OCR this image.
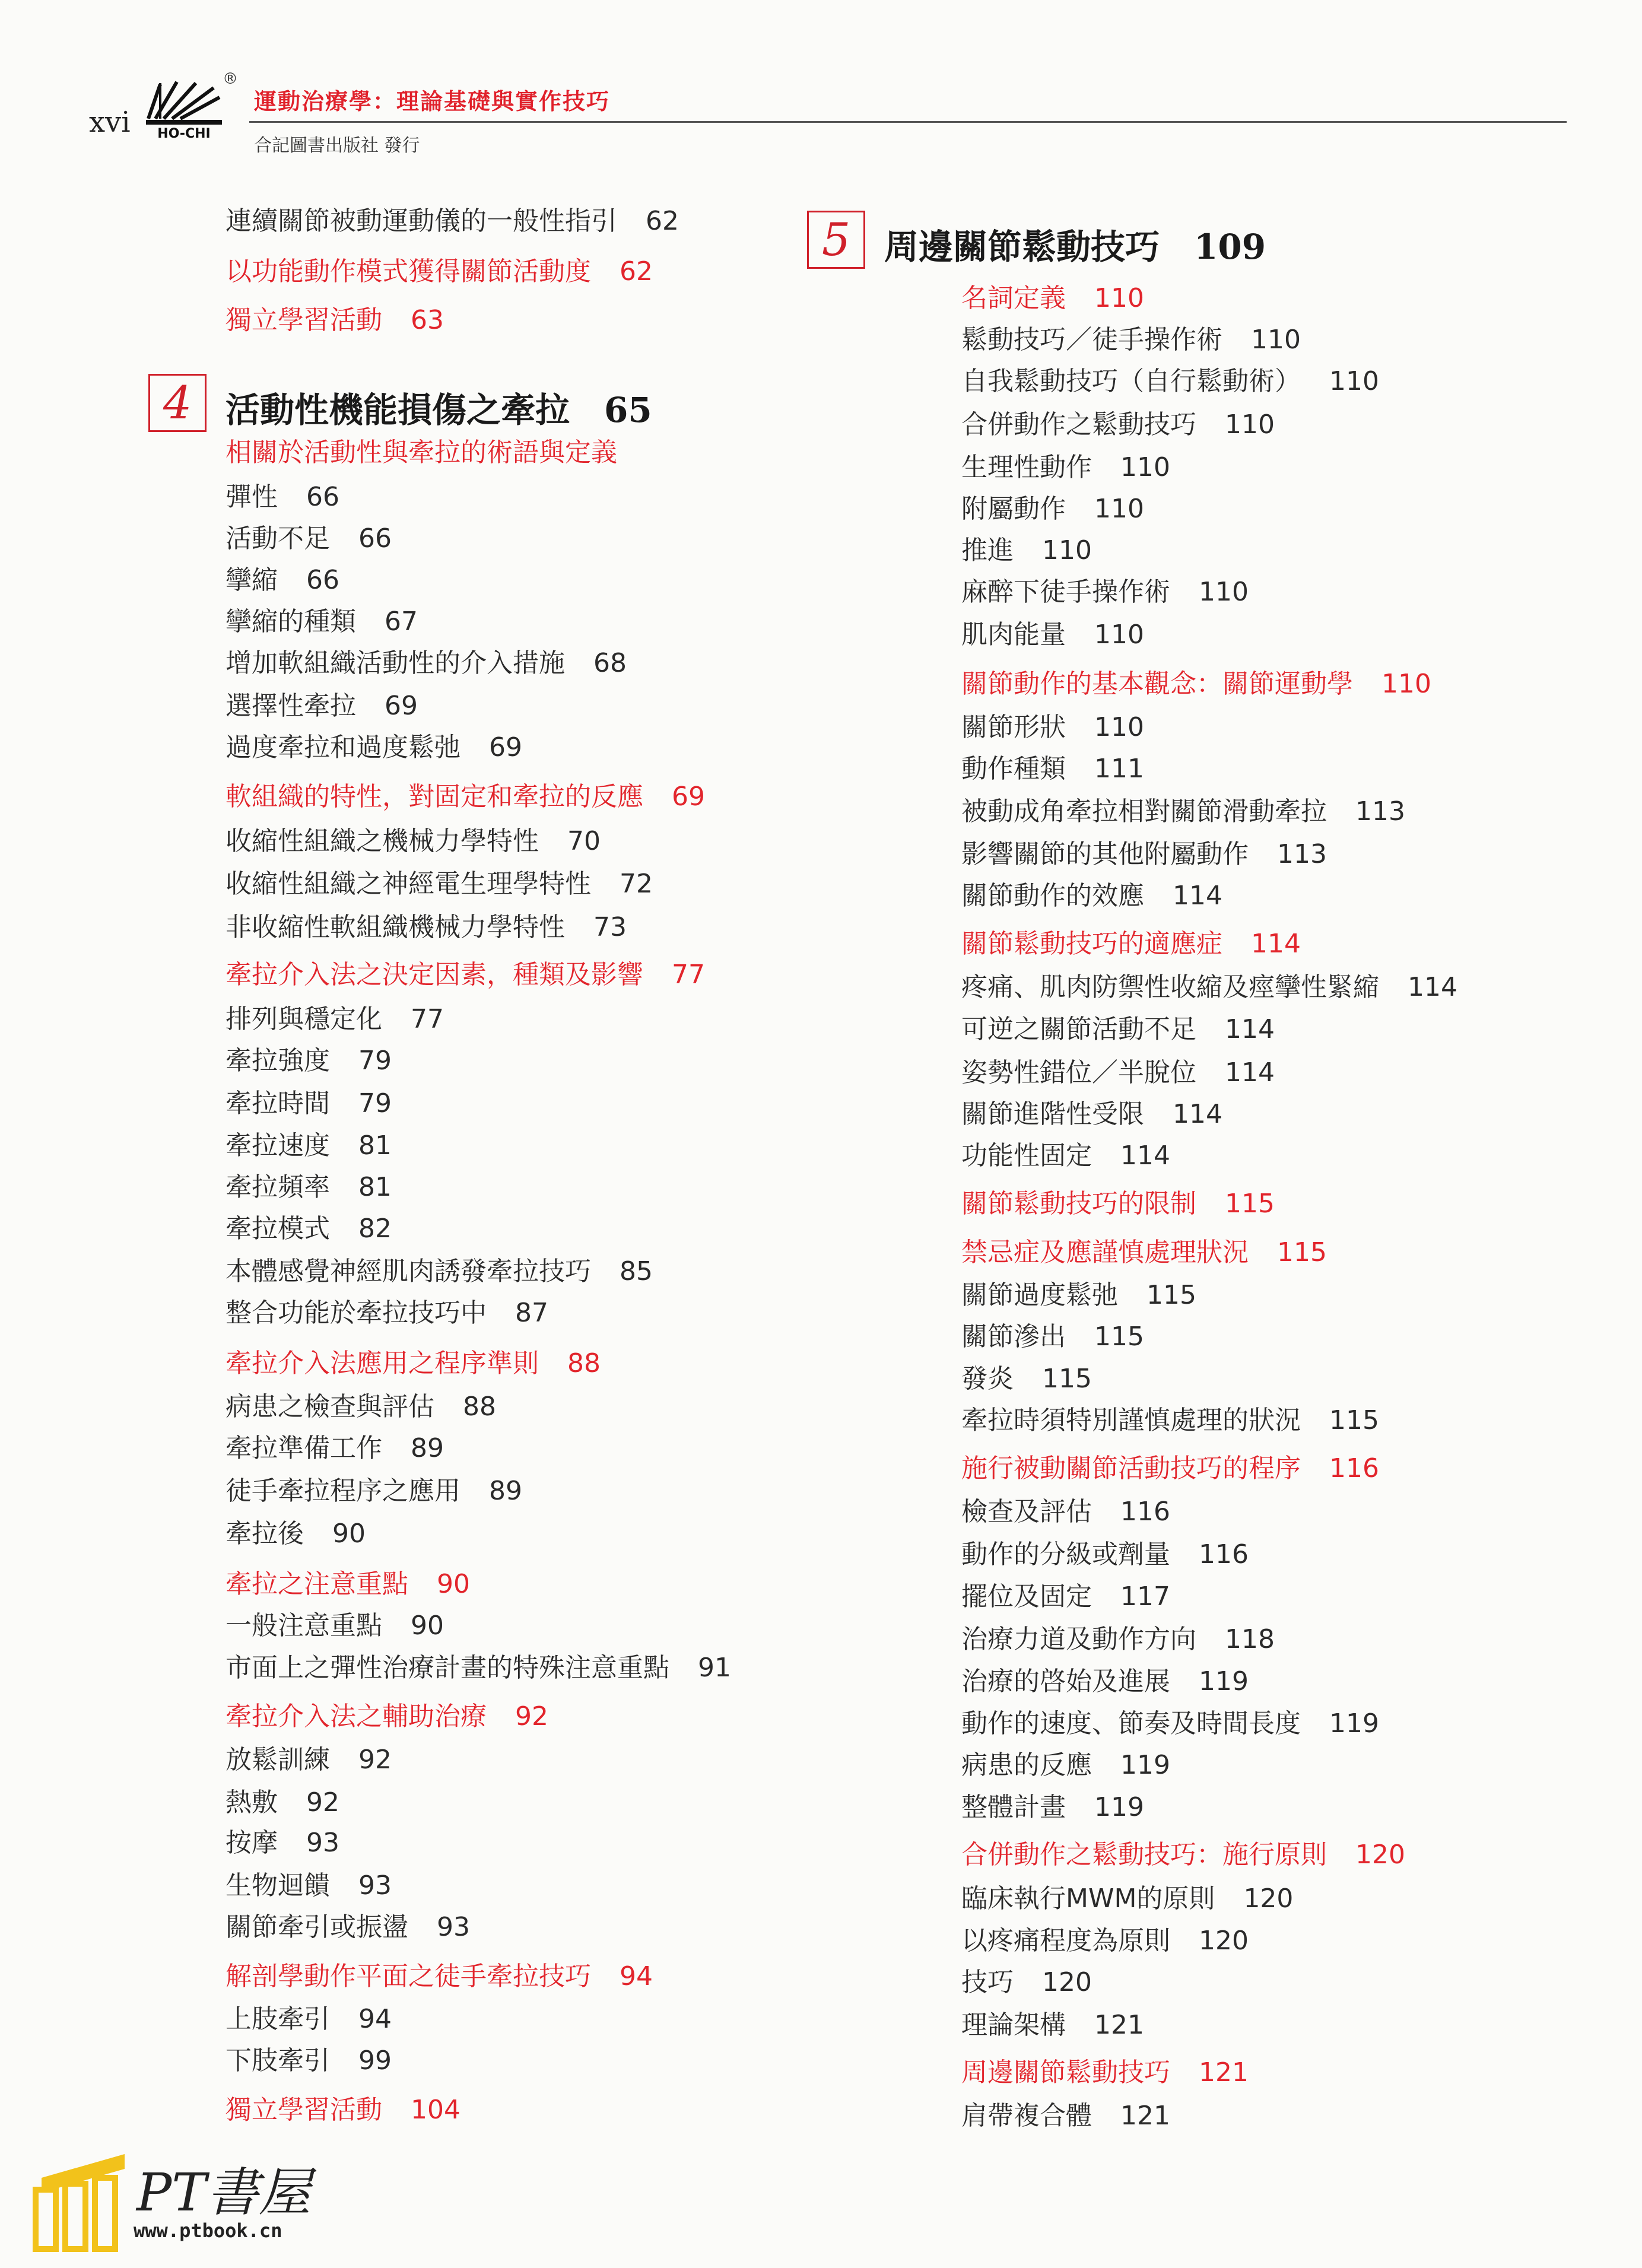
xvi HO-CHI
®
運動治療學：理論基礎與實作技巧
合記圖書出版社 發行
連續關節被動運動儀的一般性指引 62
以功能動作模式獲得關節活動度 62
獨立學習活動 63
4 活動性機能損傷之牽拉 65
相關於活動性與牽拉的術語與定義
彈性 66
活動不足 66
攣縮 66
攣縮的種類 67
增加軟組織活動性的介入措施 68
選擇性牽拉 69
過度牽拉和過度鬆弛 69
軟組織的特性，對固定和牽拉的反應 69
收縮性組織之機械力學特性 70
收縮性組織之神經電生理學特性 72
非收縮性軟組織機械力學特性 73
牽拉介入法之決定因素，種類及影響 77
排列與穩定化 77
牽拉強度 79
牽拉時間 79
牽拉速度 81
牽拉頻率 81
牽拉模式 82
本體感覺神經肌肉誘發牽拉技巧 85
整合功能於牽拉技巧中 87
牽拉介入法應用之程序準則 88
病患之檢查與評估 88
牽拉準備工作 89
徒手牽拉程序之應用 89
牽拉後 90
牽拉之注意重點 90
一般注意重點 90
市面上之彈性治療計畫的特殊注意重點 91
牽拉介入法之輔助治療 92
放鬆訓練 92
熱敷 92
按摩 93
生物迴饋 93
關節牽引或振盪 93
解剖學動作平面之徒手牽拉技巧 94
上肢牽引 94
下肢牽引 99
獨立學習活動 104
5 周邊關節鬆動技巧 109
名詞定義 110
鬆動技巧／徒手操作術 110
自我鬆動技巧（自行鬆動術） 110
合併動作之鬆動技巧 110
生理性動作 110
附屬動作 110
推進 110
麻醉下徒手操作術 110
肌肉能量 110
關節動作的基本觀念：關節運動學 110
關節形狀 110
動作種類 111
被動成角牽拉相對關節滑動牽拉 113
影響關節的其他附屬動作 113
關節動作的效應 114
關節鬆動技巧的適應症 114
疼痛、肌肉防禦性收縮及痙攣性緊縮 114
可逆之關節活動不足 114
姿勢性錯位／半脫位 114
關節進階性受限 114
功能性固定 114
關節鬆動技巧的限制 115
禁忌症及應謹慎處理狀況 115
關節過度鬆弛 115
關節滲出 115
發炎 115
牽拉時須特別謹慎處理的狀況 115
施行被動關節活動技巧的程序 116
檢查及評估 116
動作的分級或劑量 116
擺位及固定 117
治療力道及動作方向 118
治療的啓始及進展 119
動作的速度、節奏及時間長度 119
病患的反應 119
整體計畫 119
合併動作之鬆動技巧：施行原則 120
臨床執行MWM的原則 120
以疼痛程度為原則 120
技巧 120
理論架構 121
周邊關節鬆動技巧 121
肩帶複合體 121
PT書屋
www.ptbook.cn
